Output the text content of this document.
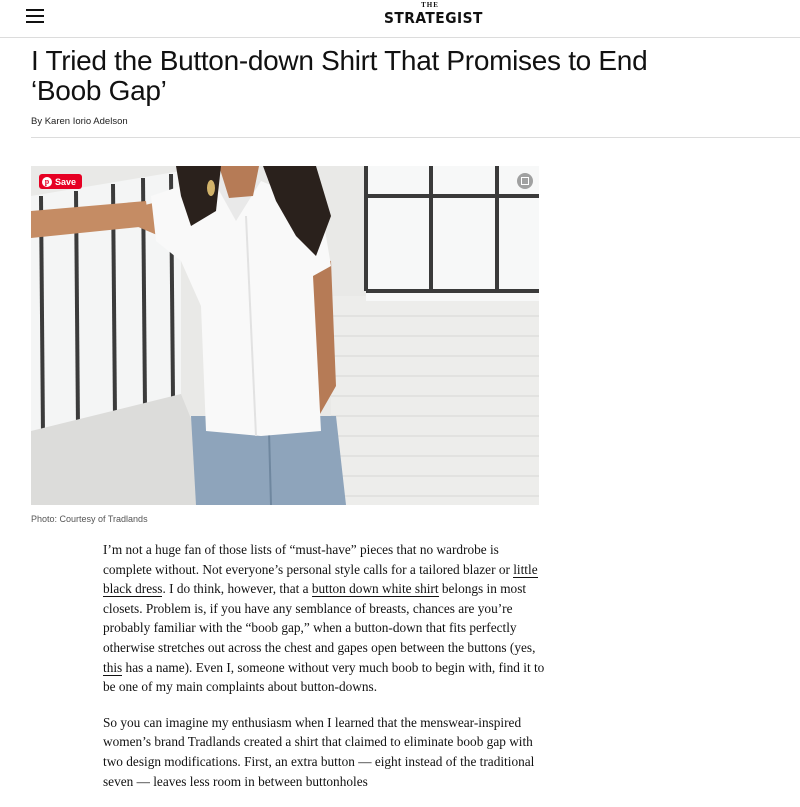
THE
STRATEGIST
I Tried the Button-down Shirt That Promises to End
‘Boob Gap’
By Karen Iorio Adelson
p Save
Photo: Courtesy of Tradlands

I’m not a huge fan of those lists of “must-have” pieces that no wardrobe is complete without. Not everyone’s personal style calls for a tailored blazer or little black dress. I do think, however, that a button down white shirt belongs in most closets. Problem is, if you have any semblance of breasts, chances are you’re probably familiar with the “boob gap,” when a button-down that fits perfectly otherwise stretches out across the chest and gapes open between the buttons (yes, this has a name). Even I, someone without very much boob to begin with, find it to be one of my main complaints about button-downs.

So you can imagine my enthusiasm when I learned that the menswear-inspired women’s brand Tradlands created a shirt that claimed to eliminate boob gap with two design modifications. First, an extra button — eight instead of the traditional seven — leaves less room in between buttonholes
